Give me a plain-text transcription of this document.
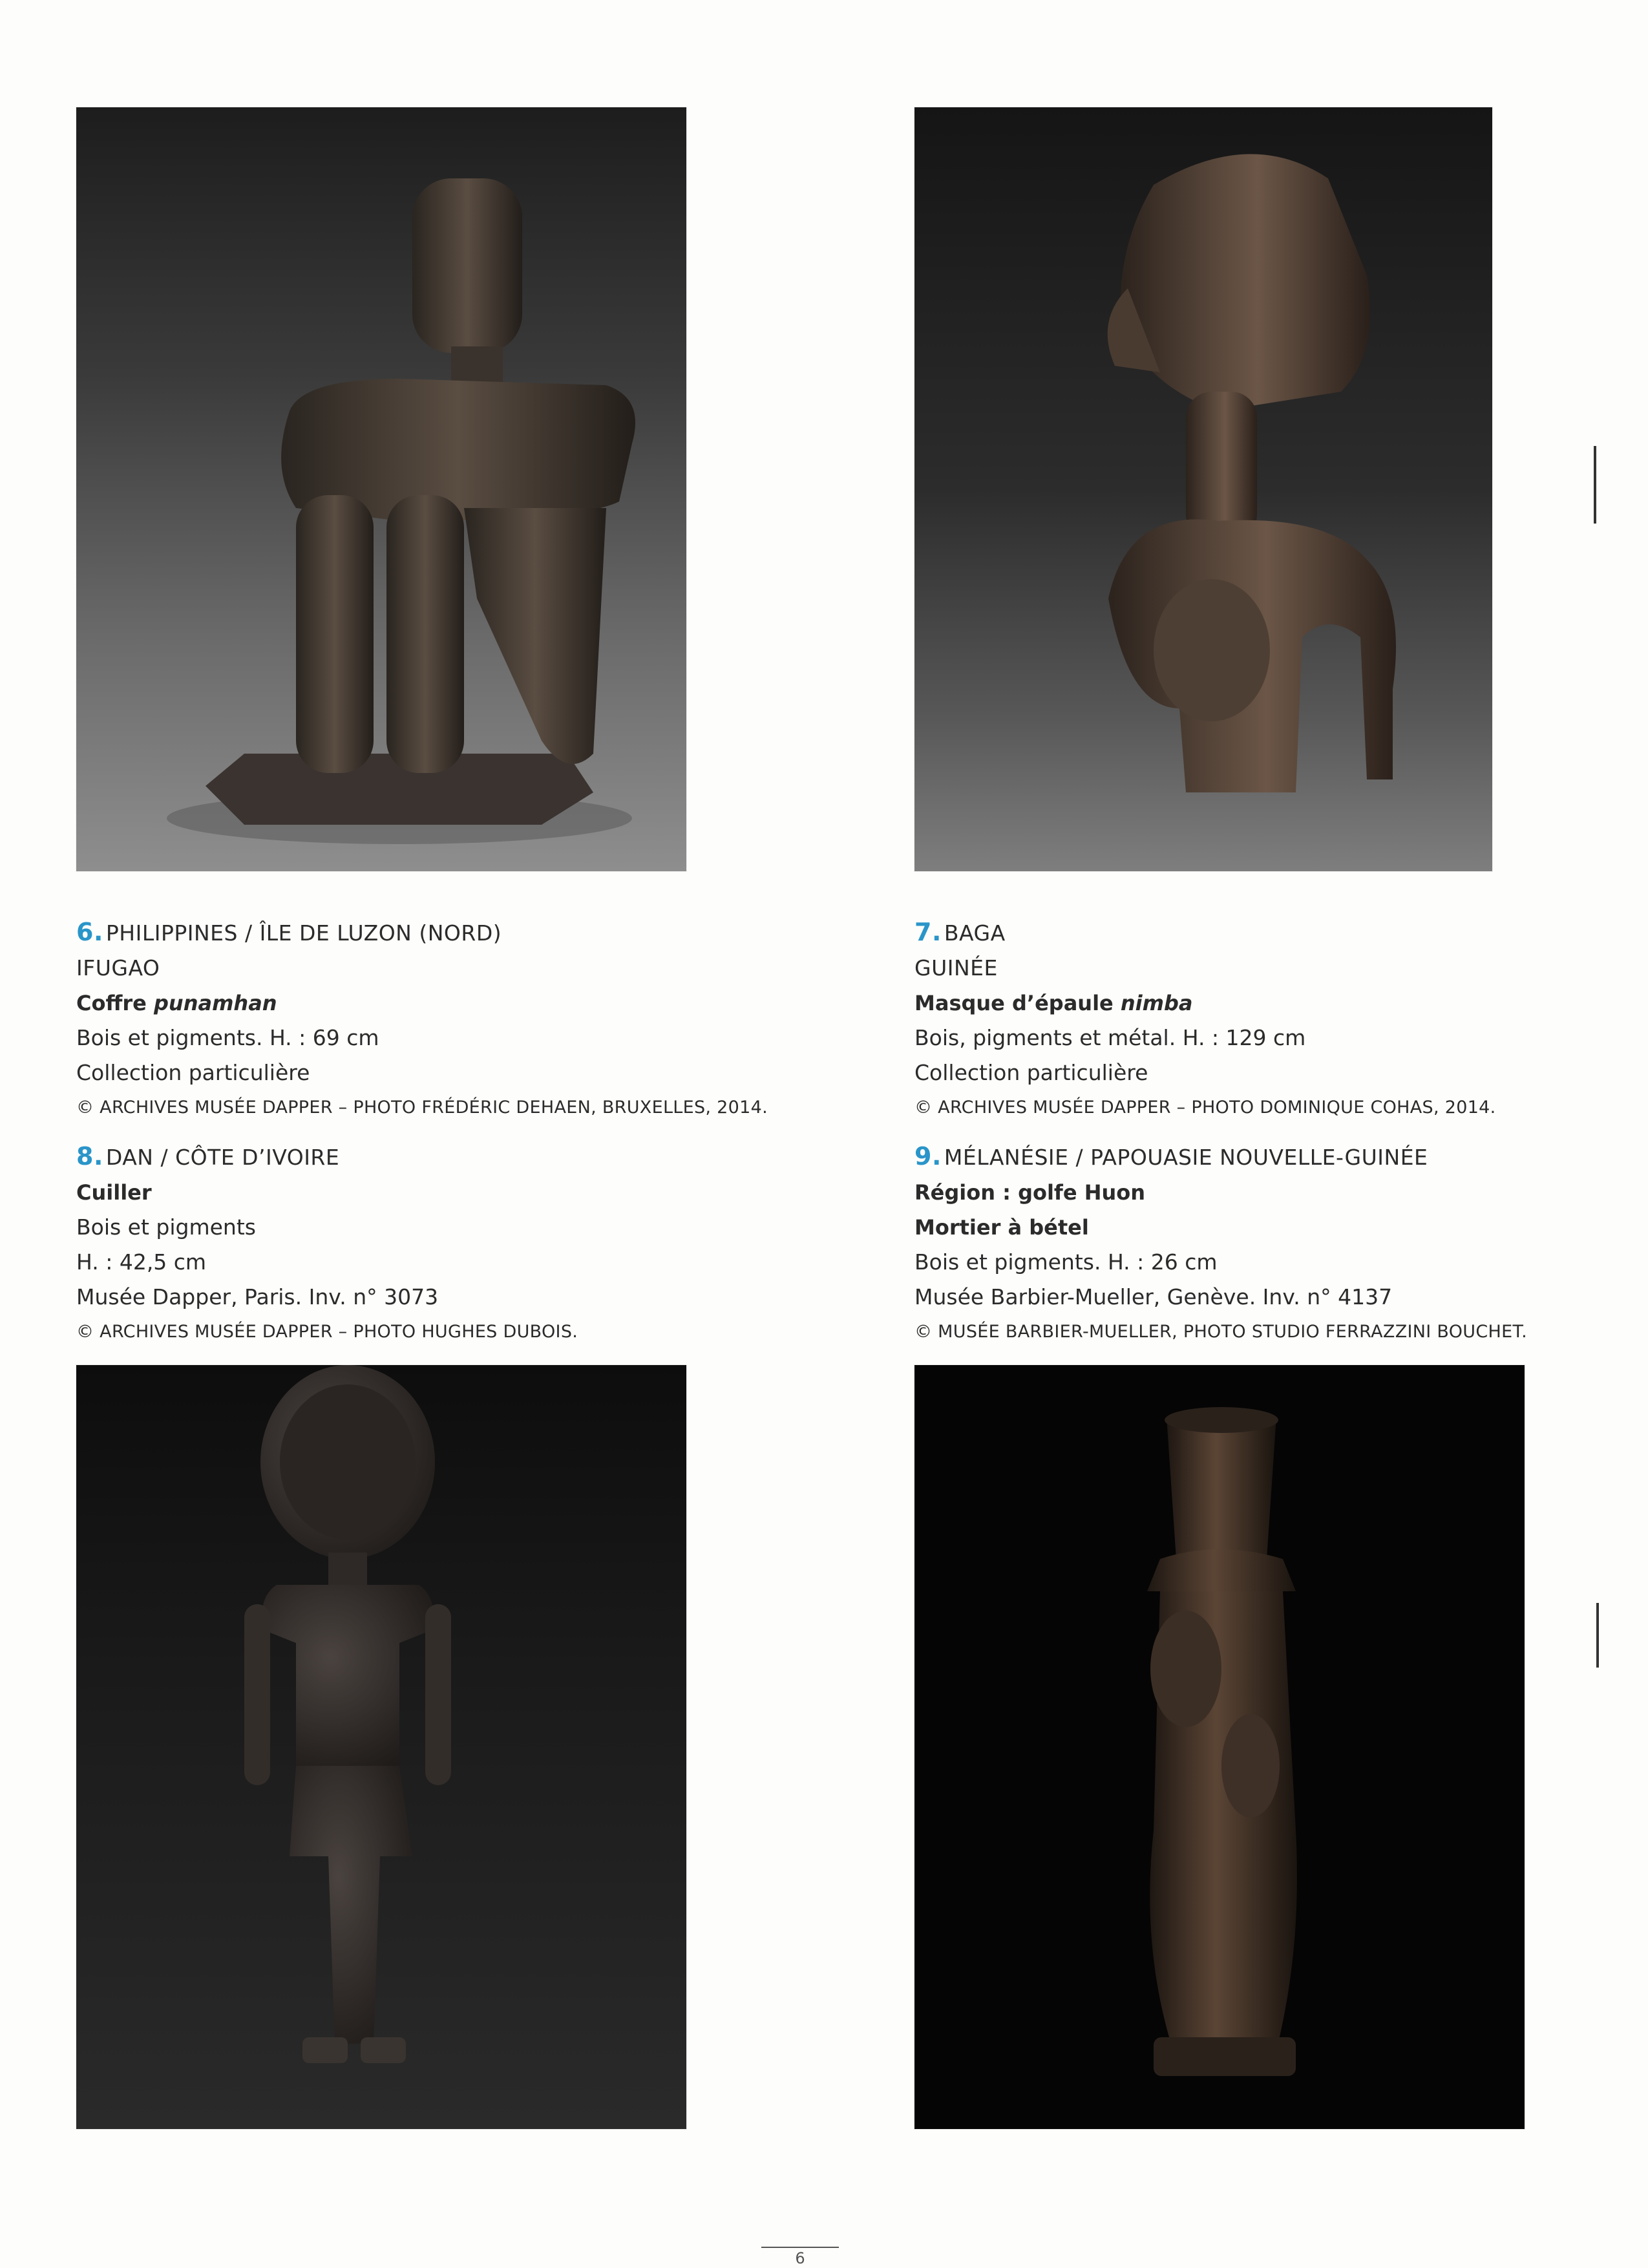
6. PHILIPPINES / ÎLE DE LUZON (NORD)
IFUGAO
Coffre punamhan
Bois et pigments. H. : 69 cm
Collection particulière
© ARCHIVES MUSÉE DAPPER – PHOTO FRÉDÉRIC DEHAEN, BRUXELLES, 2014.
7. BAGA
GUINÉE
Masque d’épaule nimba
Bois, pigments et métal. H. : 129 cm
Collection particulière
© ARCHIVES MUSÉE DAPPER – PHOTO DOMINIQUE COHAS, 2014.
8. DAN / CÔTE D’IVOIRE
Cuiller
Bois et pigments
H. : 42,5 cm
Musée Dapper, Paris. Inv. n° 3073
© ARCHIVES MUSÉE DAPPER – PHOTO HUGHES DUBOIS.
9. MÉLANÉSIE / PAPOUASIE NOUVELLE-GUINÉE
Région : golfe Huon
Mortier à bétel
Bois et pigments. H. : 26 cm
Musée Barbier-Mueller, Genève. Inv. n° 4137
© MUSÉE BARBIER-MUELLER, PHOTO STUDIO FERRAZZINI BOUCHET.
6
